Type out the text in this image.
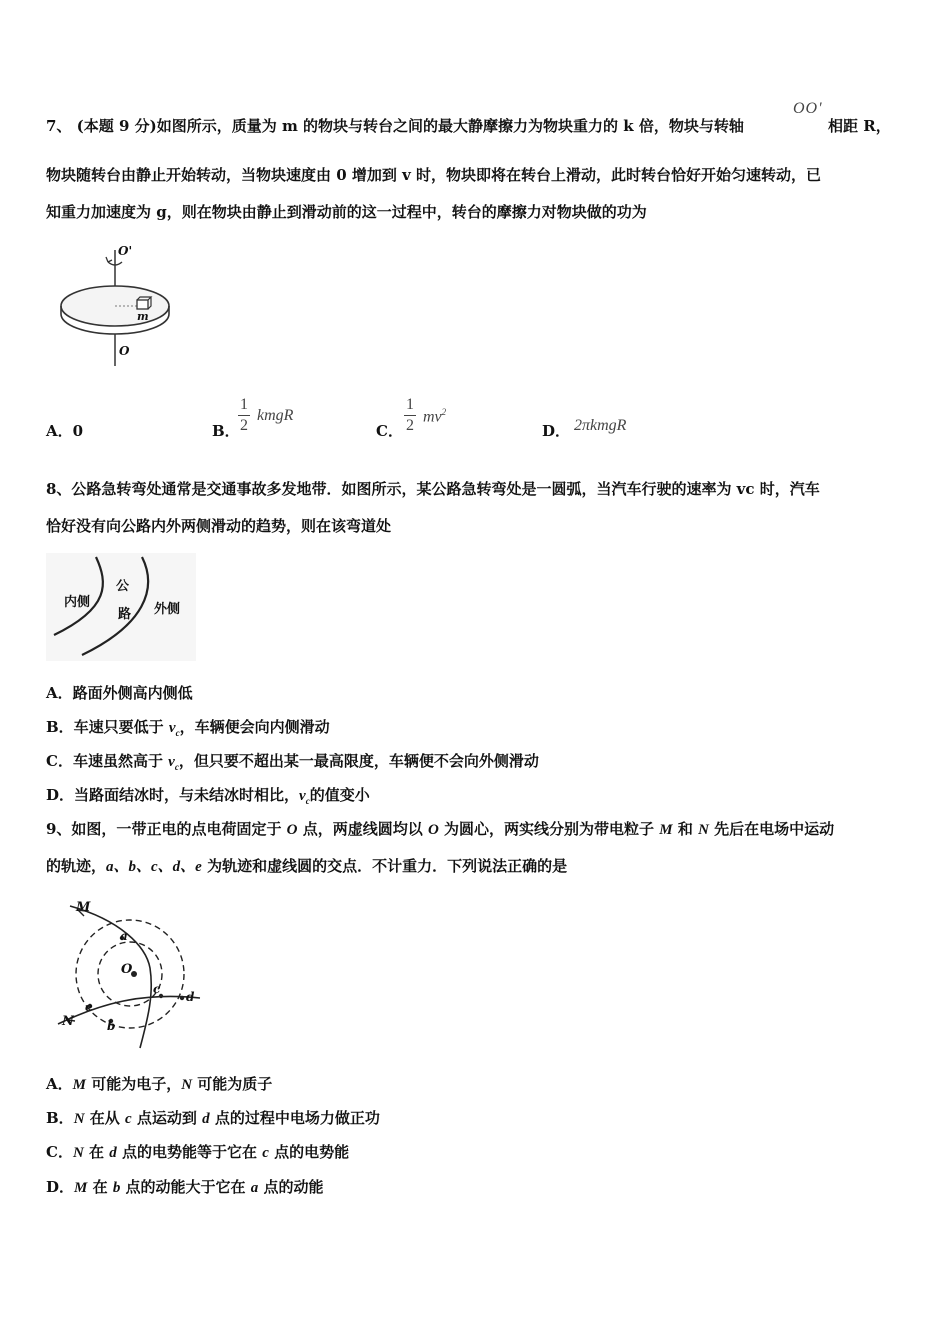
7、 (本题 9 分)如图所示，质量为 m 的物块与转台之间的最大静摩擦力为物块重力的 k 倍，物块与转轴
OO'
相距 R，
物块随转台由静止开始转动，当物块速度由 0 增加到 v 时，物块即将在转台上滑动，此时转台恰好开始匀速转动，已
知重力加速度为 g，则在物块由静止到滑动前的这一过程中，转台的摩擦力对物块做的功为
O'
m
O
A．0	B．
1
2
kmgR
C．
1
2
$mv^2$
D． 2πkmgR
8、公路急转弯处通常是交通事故多发地带．如图所示，某公路急转弯处是一圆弧，当汽车行驶的速率为 vc 时，汽车
恰好没有向公路内外两侧滑动的趋势，则在该弯道处
内侧
公
路 外侧
A．路面外侧高内侧低
B．车速只要低于 $v_c$，车辆便会向内侧滑动
C．车速虽然高于 $v_c$，但只要不超出某一最高限度，车辆便不会向外侧滑动
D．当路面结冰时，与未结冰时相比，$v_c$的值变小
9、如图，一带正电的点电荷固定于 O 点，两虚线圆均以 O 为圆心，两实线分别为带电粒子 M 和 N 先后在电场中运动
的轨迹，a、b、c、d、e 为轨迹和虚线圆的交点．不计重力．下列说法正确的是
M
N
O
a
b
c
d
e
A．M 可能为电子，N 可能为质子
B．N 在从 c 点运动到 d 点的过程中电场力做正功
C．N 在 d 点的电势能等于它在 c 点的电势能
D．M 在 b 点的动能大于它在 a 点的动能
